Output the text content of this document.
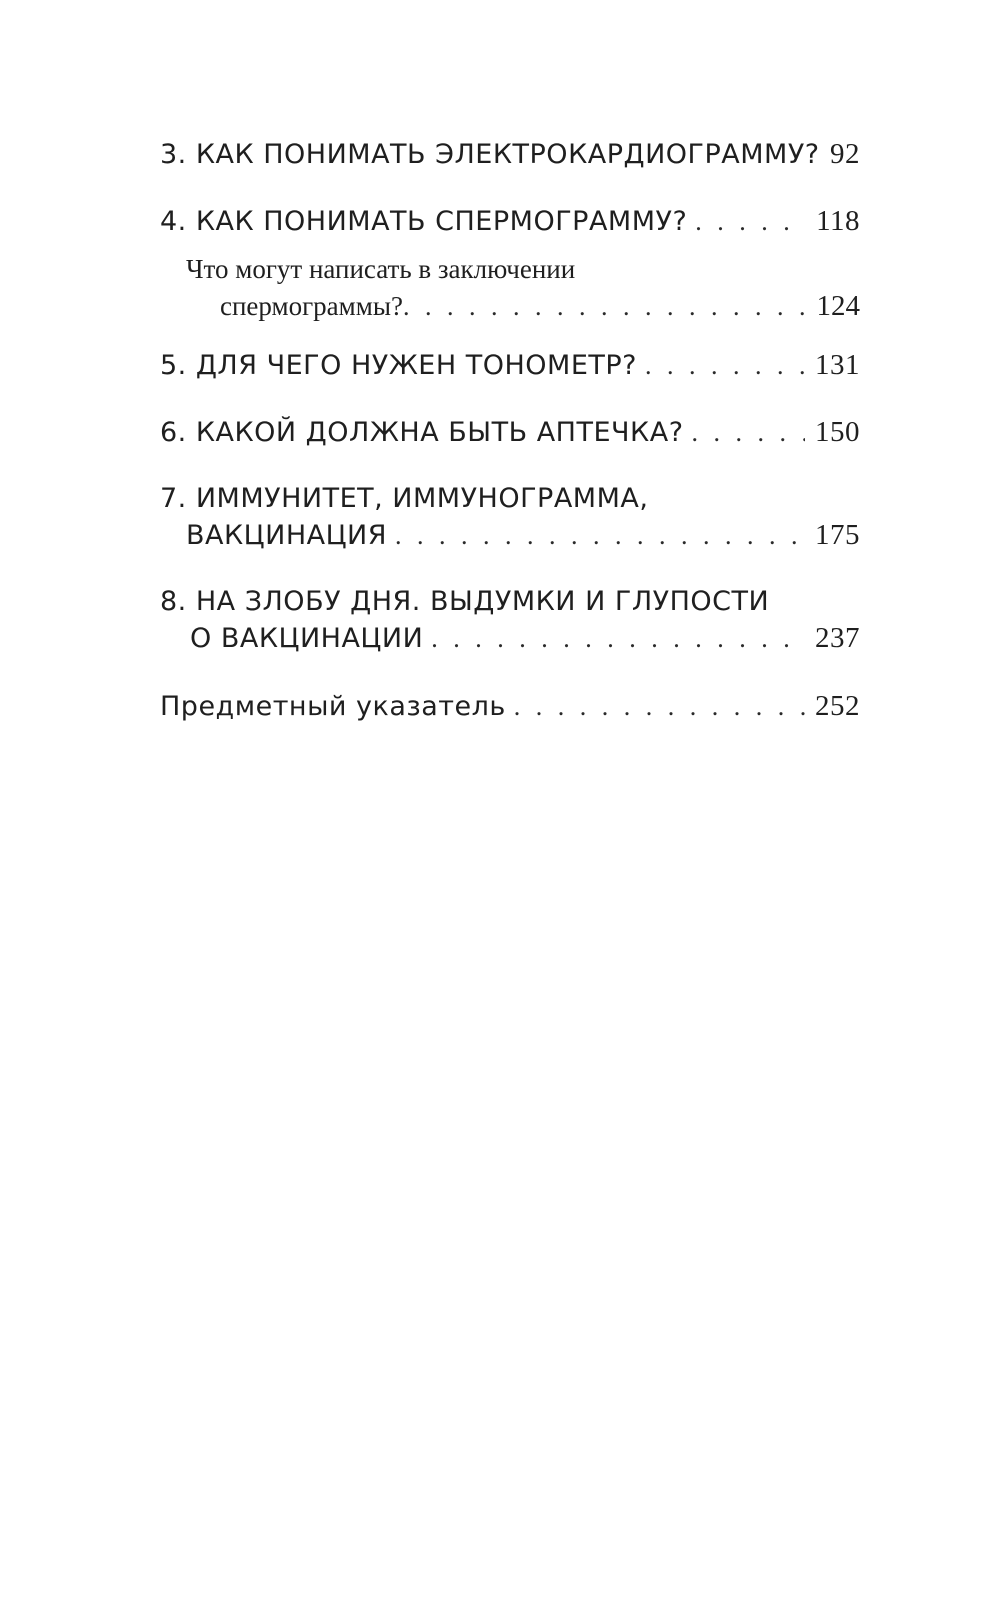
3. КАК ПОНИМАТЬ ЭЛЕКТРОКАРДИОГРАММУ? 92
4. КАК ПОНИМАТЬ СПЕРМОГРАММУ? . . .	118
Что могут написать в заключении
спермограммы? . . .	124
5. ДЛЯ ЧЕГО НУЖЕН ТОНОМЕТР? . . .	131
6. КАКОЙ ДОЛЖНА БЫТЬ АПТЕЧКА? . . .	150
7. ИММУНИТЕТ, ИММУНОГРАММА,
ВАКЦИНАЦИЯ . . .	175
8. НА ЗЛОБУ ДНЯ. ВЫДУМКИ И ГЛУПОСТИ
О ВАКЦИНАЦИИ . . .	237
Предметный указатель . . .	252
